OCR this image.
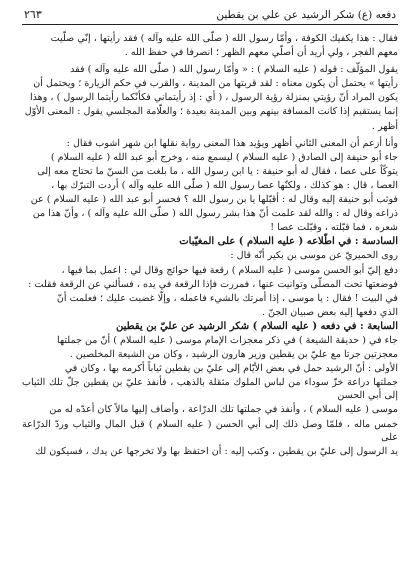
دفعه (ع) شكر الرشيد عن علي بن يقطين
٢٦٣

فقال : هذا يكفيك الكوفة ، وأمّا رسول الله ( صلّى الله عليه وآله ) فقد رأيتها ، إنّي صلّيت

معهم الفجر ، ولي أريد أن أصلّي معهم الظهر ؛ انصرفا في حفظ الله .

يقول المؤلّف : قوله ( عليه السلام ) : « وأمّا رسول الله ( صلّى الله عليه وآله ) فقد

رأيتها » يحتمل أن يكون معناه : لقد قربتها من المدينة ، والقرب في حكم الزيارة ؛ ويحتمل أن

يكون المراد أنّ رؤيتي بمنزلة رؤية الرسول ، ( أي : إذ رأيتماني فكأنّكما رأيتما الرسول ) ، وهذا

إنما يستقيم إذا كانت المسافة بينهم وبين المدينة بعيدة ؛ والعلّامة المجلسي يقول : المعنى الأوّل

أظهر .

وأنا أزعم أن المعنى الثاني أظهر ويؤيد هذا المعنى رواية نقلها ابن شهر اشوب فقال :

جاء أبو حنيفة إلى الصادق ( عليه السلام ) ليسمع منه ، وخرج أبو عبد الله ( عليه السلام )

يتوكّأ على عصا ، فقال له أبو حنيفة : يا ابن رسول الله ، ما بلغت من السنّ ما تحتاج معه إلى

العصا ، قال : هو كذلك ، ولكنّها عصا رسول الله ( صلّى الله عليه وآله ) أردت التبرّك بها ،

فوثب أبو حنيفة إليه وقال له : أقبّلها يا بن رسول الله ؟ فحسر أبو عبد الله ( عليه السلام ) عن

ذراعه وقال له : والله لقد علمت أنّ هذا بشر رسول الله ( صلّى الله عليه وآله ) ، وأنّ هذا من

شعره ، فما قبّلته ، وقبّلت عصا !

السادسة : في اطّلاعه ( عليه السلام ) على المغيّبات

روى الحميريّ عن موسى بن بكير أنّه قال :

دفع إليّ أبو الحسن موسى ( عليه السلام ) رقعة فيها حوائج وقال لي : اعمل بما فيها ،

فوضعتها تحت المصلّى وتوانيت عنها ، فمررت فإذا الرقعة في يده ، فسألني عن الرقعة فقلت :

في البيت ! فقال : يا موسى ، إذا أمرتك بالشيء فاعمله ، وإلّا غضبت عليك ؛ فعلمت أنّ

الذي دفعها إليه بعض صبيان الجنّ .

السابعة : في دفعه ( عليه السلام ) شكر الرشيد عن عليّ بن يقطين

جاء في ( حديقة الشيعة ) في ذكر معجزات الإمام موسى ( عليه السلام ) أنّ من جملتها

معجزتين جرتا مع عليّ بن يقطين وزير هارون الرشيد ، وكان من الشيعة المخلصين .

الأولى : أنّ الرشيد حمل في بعض الأيّام إلى عليّ بن يقطين ثياباً أكرمه بها ، وكان في

جملتها دراعة خزّ سوداء من لباس الملوك مثقلة بالذهب ، فأنفذ عليّ بن يقطين جلّ تلك الثياب إلى أبي الحسن

موسى ( عليه السلام ) ، وأنفذ في جملتها تلك الدرّاعة ، وأضاف إليها مالاً كان أعدّه له من

خمس ماله ، فلمّا وصل ذلك إلى أبي الحسن ( عليه السلام ) قبل المال والثياب وردّ الدرّاعة على

يد الرسول إلى عليّ بن يقطين ، وكتب إليه : أن احتفظ بها ولا تخرجها عن يدك ، فسيكون لك
